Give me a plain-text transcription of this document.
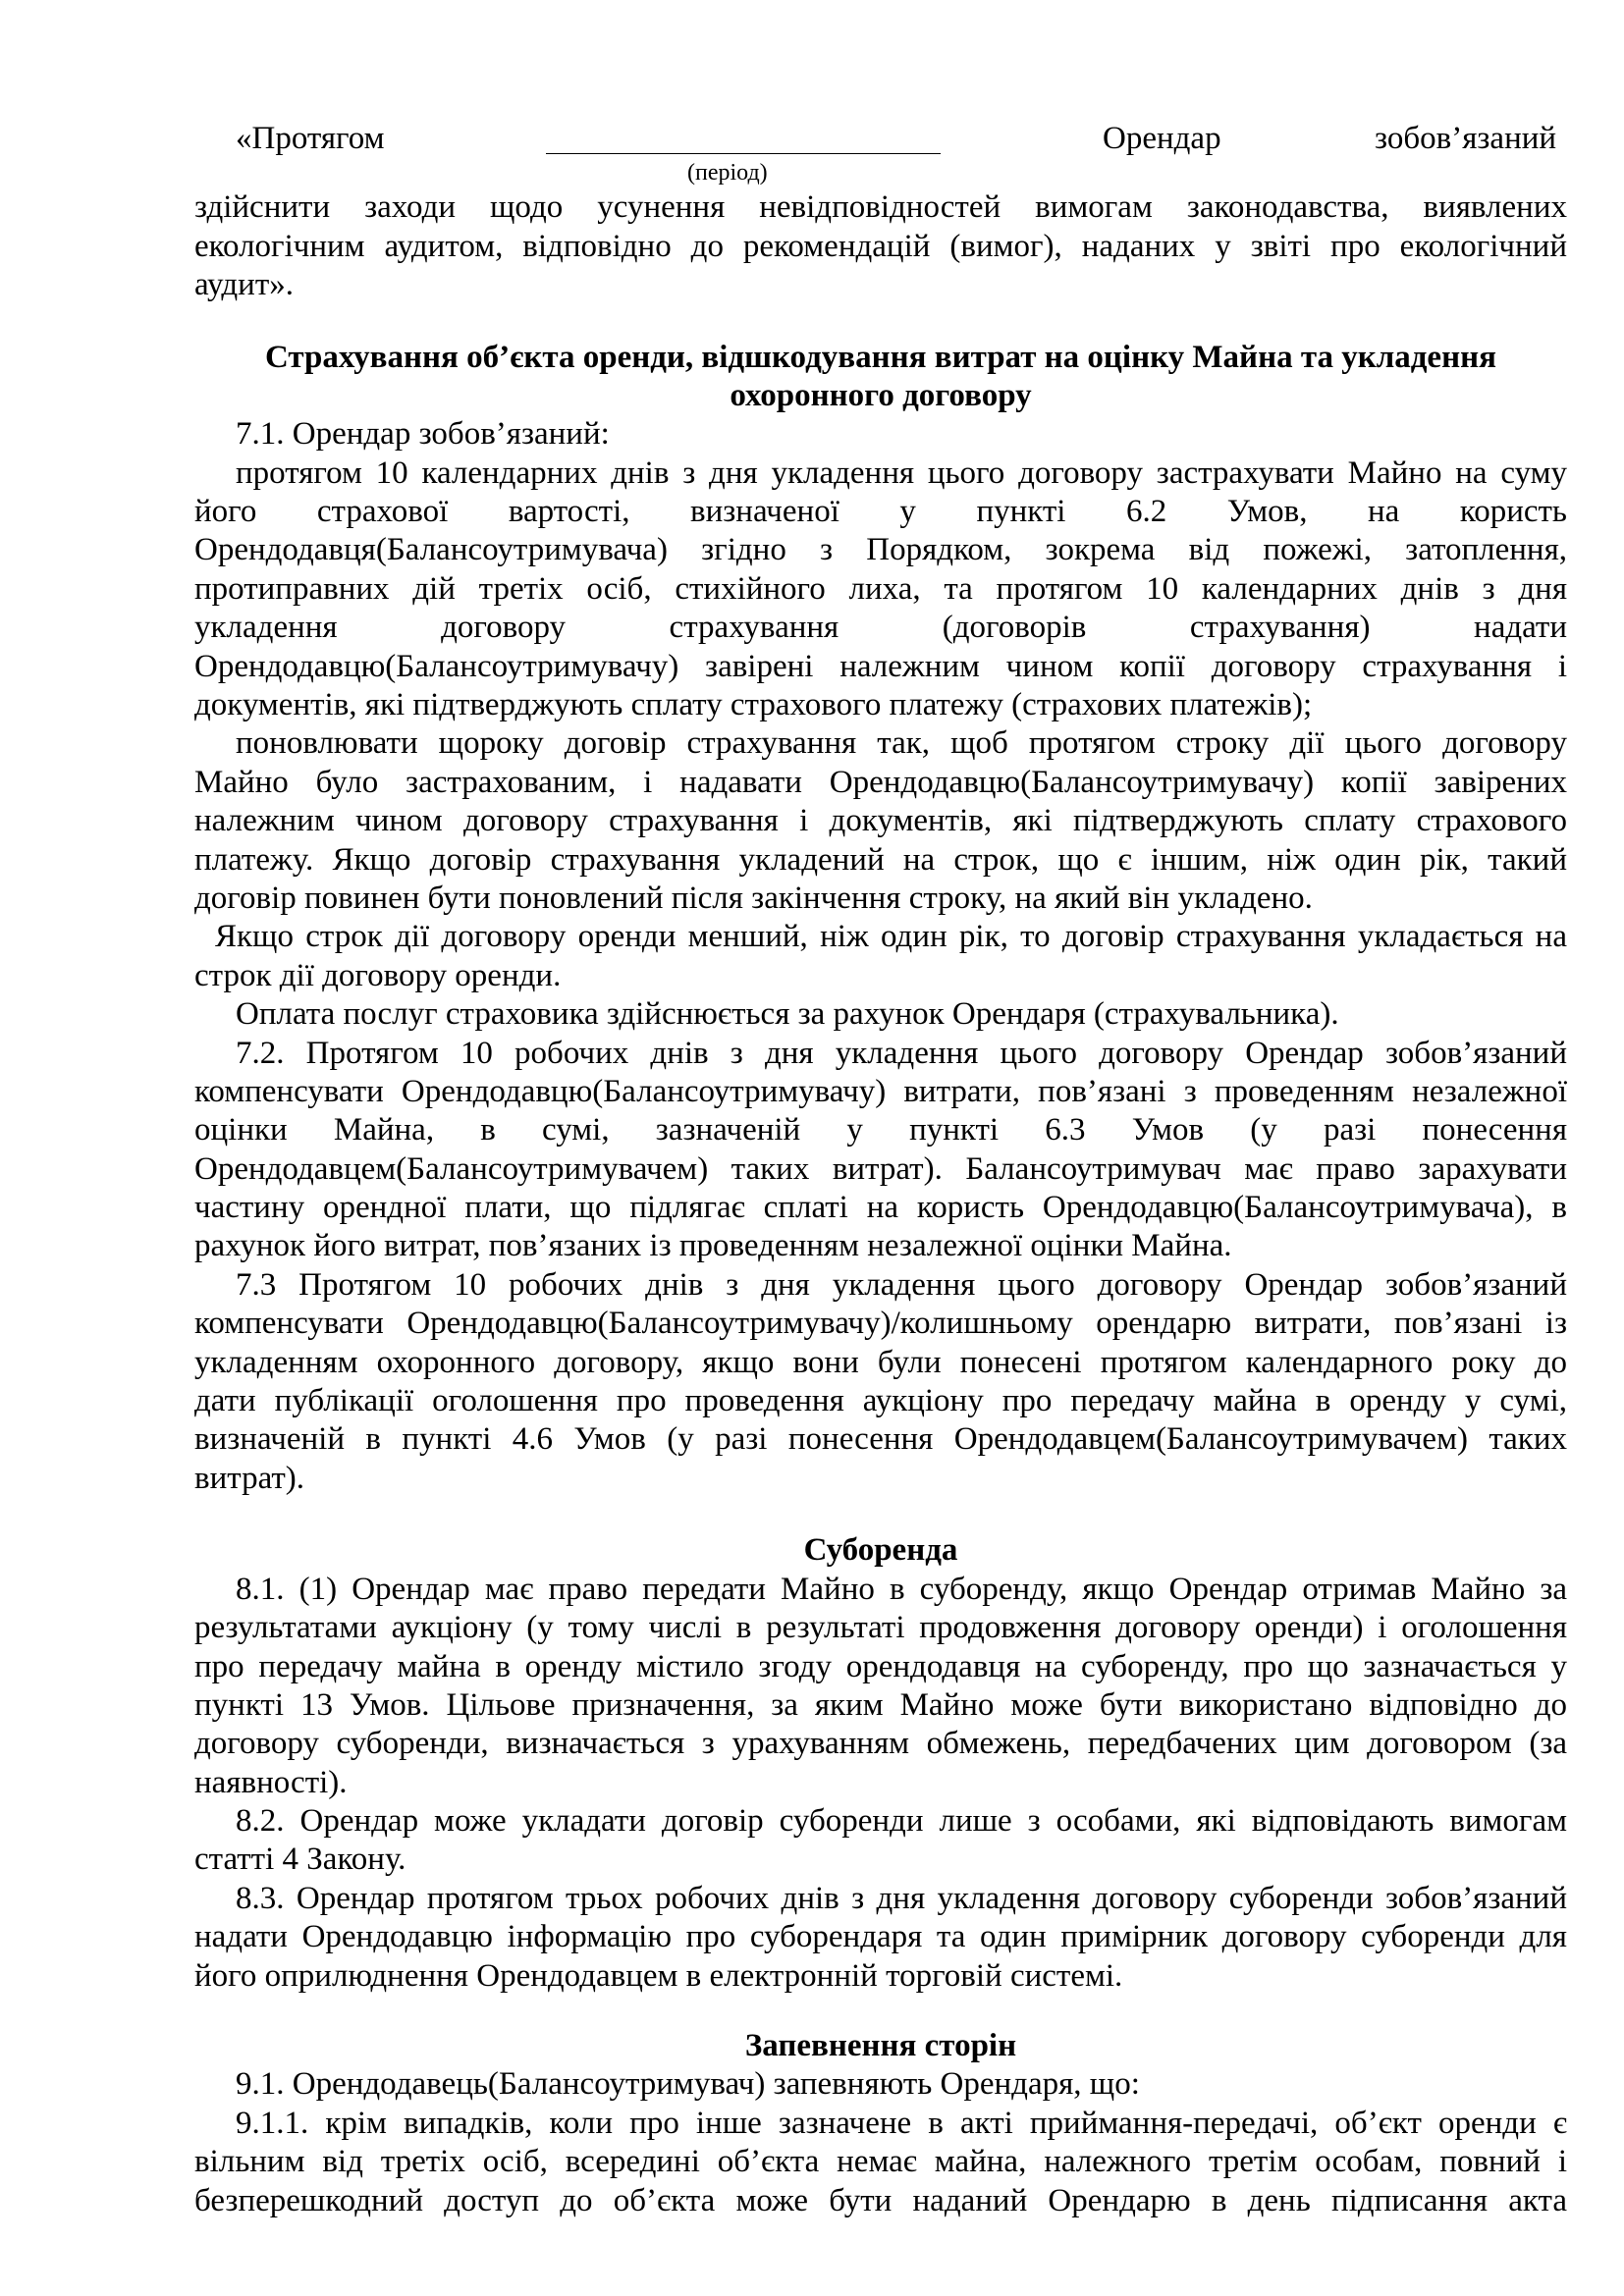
«Протягом
(період)
Орендар	зобов’язаний

здійснити заходи щодо усунення невідповідностей вимогам законодавства, виявлених

екологічним аудитом, відповідно до рекомендацій (вимог), наданих у звіті про екологічний

аудит».

Страхування об’єкта оренди, відшкодування витрат на оцінку Майна та укладення

охоронного договору

7.1. Орендар зобов’язаний:

протягом 10 календарних днів з дня укладення цього договору застрахувати Майно на суму

його страхової вартості, визначеної у пункті 6.2 Умов, на користь

Орендодавця(Балансоутримувача) згідно з Порядком, зокрема від пожежі, затоплення,

протиправних дій третіх осіб, стихійного лиха, та протягом 10 календарних днів з дня

укладення договору страхування (договорів страхування) надати

Орендодавцю(Балансоутримувачу) завірені належним чином копії договору страхування і

документів, які підтверджують сплату страхового платежу (страхових платежів);

поновлювати щороку договір страхування так, щоб протягом строку дії цього договору

Майно було застрахованим, і надавати Орендодавцю(Балансоутримувачу) копії завірених

належним чином договору страхування і документів, які підтверджують сплату страхового

платежу. Якщо договір страхування укладений на строк, що є іншим, ніж один рік, такий

договір повинен бути поновлений після закінчення строку, на який він укладено.

Якщо строк дії договору оренди менший, ніж один рік, то договір страхування укладається на

строк дії договору оренди.

Оплата послуг страховика здійснюється за рахунок Орендаря (страхувальника).

7.2. Протягом 10 робочих днів з дня укладення цього договору Орендар зобов’язаний

компенсувати Орендодавцю(Балансоутримувачу) витрати, пов’язані з проведенням незалежної

оцінки Майна, в сумі, зазначеній у пункті 6.3 Умов (у разі понесення

Орендодавцем(Балансоутримувачем) таких витрат). Балансоутримувач має право зарахувати

частину орендної плати, що підлягає сплаті на користь Орендодавцю(Балансоутримувача), в

рахунок його витрат, пов’язаних із проведенням незалежної оцінки Майна.

7.3 Протягом 10 робочих днів з дня укладення цього договору Орендар зобов’язаний

компенсувати Орендодавцю(Балансоутримувачу)/колишньому орендарю витрати, пов’язані із

укладенням охоронного договору, якщо вони були понесені протягом календарного року до

дати публікації оголошення про проведення аукціону про передачу майна в оренду у сумі,

визначеній в пункті 4.6 Умов (у разі понесення Орендодавцем(Балансоутримувачем) таких

витрат).

Суборенда

8.1. (1) Орендар має право передати Майно в суборенду, якщо Орендар отримав Майно за

результатами аукціону (у тому числі в результаті продовження договору оренди) і оголошення

про передачу майна в оренду містило згоду орендодавця на суборенду, про що зазначається у

пункті 13 Умов. Цільове призначення, за яким Майно може бути використано відповідно до

договору суборенди, визначається з урахуванням обмежень, передбачених цим договором (за

наявності).

8.2. Орендар може укладати договір суборенди лише з особами, які відповідають вимогам

статті 4 Закону.

8.3. Орендар протягом трьох робочих днів з дня укладення договору суборенди зобов’язаний

надати Орендодавцю інформацію про суборендаря та один примірник договору суборенди для

його оприлюднення Орендодавцем в електронній торговій системі.

Запевнення сторін

9.1. Орендодавець(Балансоутримувач) запевняють Орендаря, що:

9.1.1. крім випадків, коли про інше зазначене в акті приймання-передачі, об’єкт оренди є

вільним від третіх осіб, всередині об’єкта немає майна, належного третім особам, повний і

безперешкодний доступ до об’єкта може бути наданий Орендарю в день підписання акта
